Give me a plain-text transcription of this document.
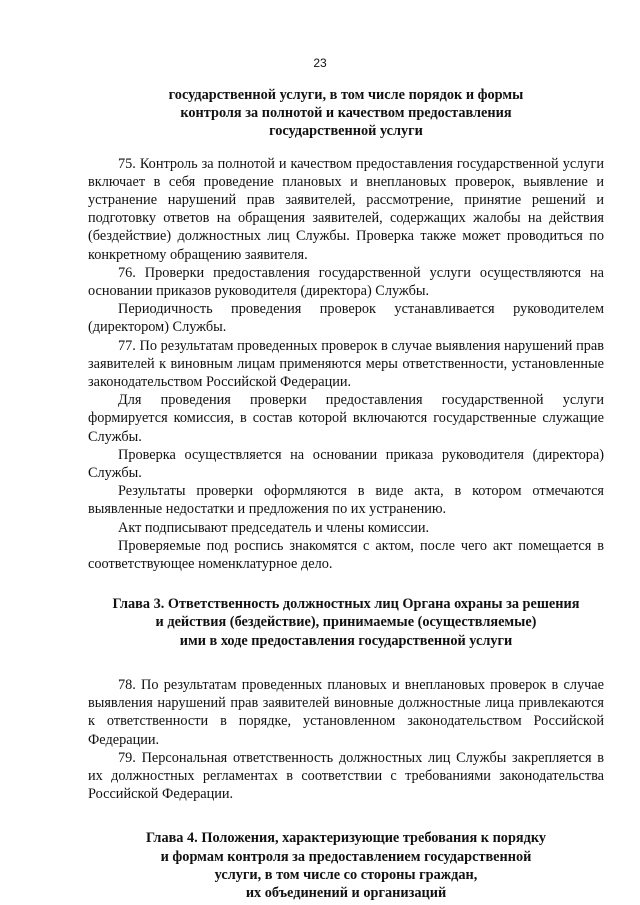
23
государственной услуги, в том числе порядок и формы
контроля за полнотой и качеством предоставления
государственной услуги

75. Контроль за полнотой и качеством предоставления государственной услуги включает в себя проведение плановых и внеплановых проверок, выявление и устранение нарушений прав заявителей, рассмотрение, принятие решений и подготовку ответов на обращения заявителей, содержащих жалобы на действия (бездействие) должностных лиц Службы. Проверка также может проводиться по конкретному обращению заявителя.

76. Проверки предоставления государственной услуги осуществляются на основании приказов руководителя (директора) Службы.

Периодичность проведения проверок устанавливается руководителем (директором) Службы.

77. По результатам проведенных проверок в случае выявления нарушений прав заявителей к виновным лицам применяются меры ответственности, установленные законодательством Российской Федерации.

Для проведения проверки предоставления государственной услуги формируется комиссия, в состав которой включаются государственные служащие Службы.

Проверка осуществляется на основании приказа руководителя (директора) Службы.

Результаты проверки оформляются в виде акта, в котором отмечаются выявленные недостатки и предложения по их устранению.

Акт подписывают председатель и члены комиссии.

Проверяемые под роспись знакомятся с актом, после чего акт помещается в соответствующее номенклатурное дело.

Глава 3. Ответственность должностных лиц Органа охраны за решения
и действия (бездействие), принимаемые (осуществляемые)
ими в ходе предоставления государственной услуги

78. По результатам проведенных плановых и внеплановых проверок в случае выявления нарушений прав заявителей виновные должностные лица привлекаются к ответственности в порядке, установленном законодательством Российской Федерации.

79. Персональная ответственность должностных лиц Службы закрепляется в их должностных регламентах в соответствии с требованиями законодательства Российской Федерации.

Глава 4. Положения, характеризующие требования к порядку
и формам контроля за предоставлением государственной
услуги, в том числе со стороны граждан,
их объединений и организаций
